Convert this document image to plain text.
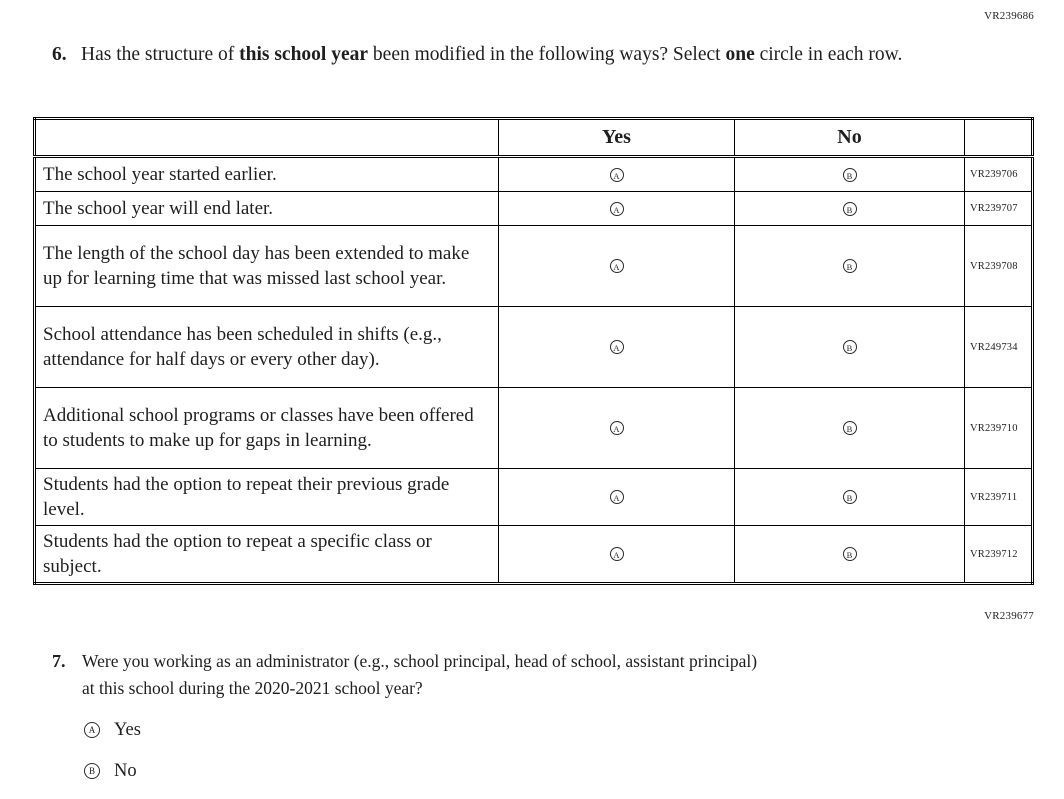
VR239686
6. Has the structure of this school year been modified in the following ways? Select one circle in each row.
	Yes	No	
The school year started earlier.	A	B	VR239706
The school year will end later.	A	B	VR239707
The length of the school day has been extended to make up for learning time that was missed last school year.	A	B	VR239708
School attendance has been scheduled in shifts (e.g., attendance for half days or every other day).	A	B	VR249734
Additional school programs or classes have been offered to students to make up for gaps in learning.	A	B	VR239710
Students had the option to repeat their previous grade level.	A	B	VR239711
Students had the option to repeat a specific class or subject.	A	B	VR239712
VR239677
7. Were you working as an administrator (e.g., school principal, head of school, assistant principal)
at this school during the 2020-2021 school year?
A Yes
B No
